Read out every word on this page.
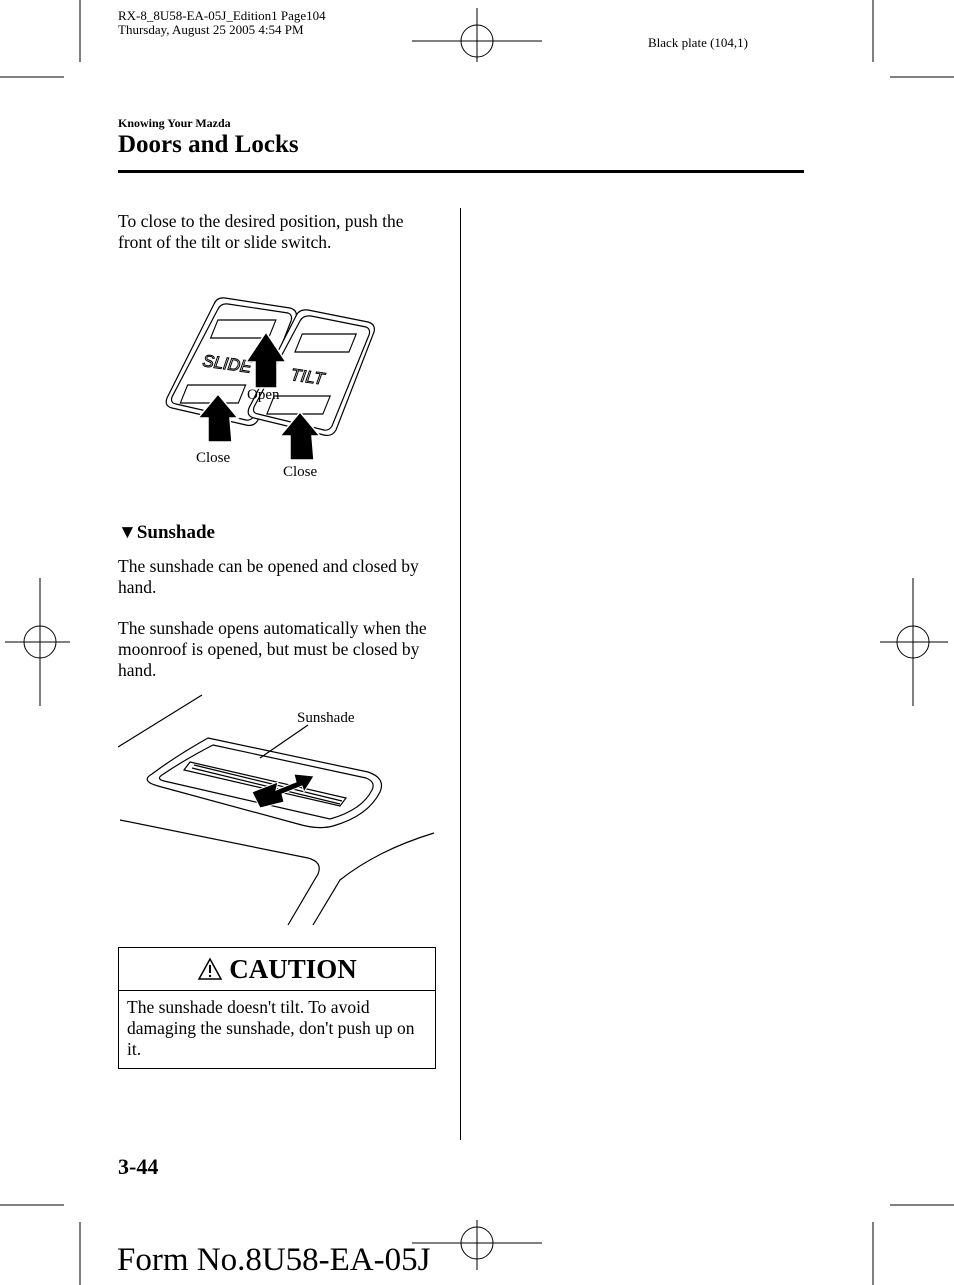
RX-8_8U58-EA-05J_Edition1 Page104
Thursday, August 25 2005 4:54 PM
Black plate (104,1)
Knowing Your Mazda
Doors and Locks
To close to the desired position, push the front of the tilt or slide switch.
SLIDE
TILT
Open
Close
Close
▼Sunshade
The sunshade can be opened and closed by hand.
The sunshade opens automatically when the moonroof is opened, but must be closed by hand.
Sunshade
CAUTION
The sunshade doesn't tilt. To avoid damaging the sunshade, don't push up on it.
3-44
Form No.8U58-EA-05J
